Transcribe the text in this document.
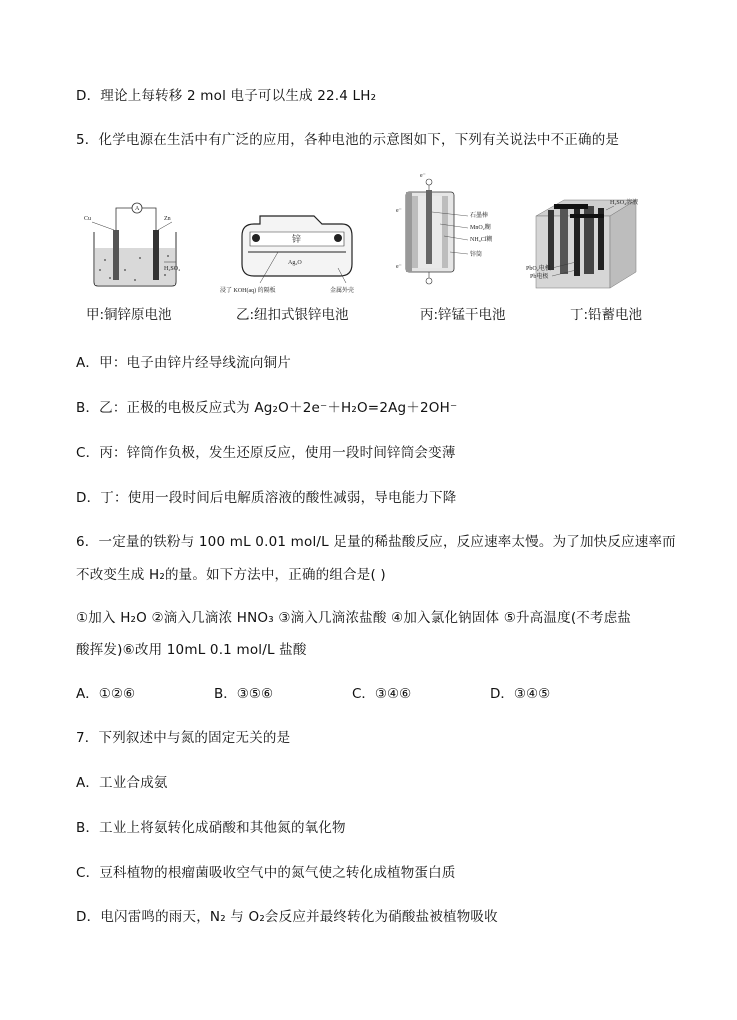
D．理论上每转移 2 mol 电子可以生成 22.4 LH₂
5．化学电源在生活中有广泛的应用，各种电池的示意图如下，下列有关说法中不正确的是
A
Cu	Zn
H₂SO₄
甲:铜锌原电池
锌
Ag₂O
浸了 KOH(aq) 的隔板	金属外壳
乙:纽扣式银锌电池
e⁻
石墨棒
MnO₂糊
NH₄Cl糊
锌筒
e⁻
e⁻
丙:锌锰干电池
H₂SO₄溶液
PbO₂电极
Pb电极
丁:铅蓄电池
A．甲：电子由锌片经导线流向铜片
B．乙：正极的电极反应式为 Ag₂O＋2e⁻＋H₂O=2Ag＋2OH⁻
C．丙：锌筒作负极，发生还原反应，使用一段时间锌筒会变薄
D．丁：使用一段时间后电解质溶液的酸性减弱，导电能力下降
6．一定量的铁粉与 100 mL 0.01 mol/L 足量的稀盐酸反应，反应速率太慢。为了加快反应速率而
不改变生成 H₂的量。如下方法中，正确的组合是( )
①加入 H₂O ②滴入几滴浓 HNO₃ ③滴入几滴浓盐酸 ④加入氯化钠固体 ⑤升高温度(不考虑盐
酸挥发)⑥改用 10mL 0.1 mol/L 盐酸
A．①②⑥	B．③⑤⑥	C．③④⑥	D．③④⑤
7．下列叙述中与氮的固定无关的是
A．工业合成氨
B．工业上将氨转化成硝酸和其他氮的氧化物
C．豆科植物的根瘤菌吸收空气中的氮气使之转化成植物蛋白质
D．电闪雷鸣的雨天，N₂ 与 O₂会反应并最终转化为硝酸盐被植物吸收
